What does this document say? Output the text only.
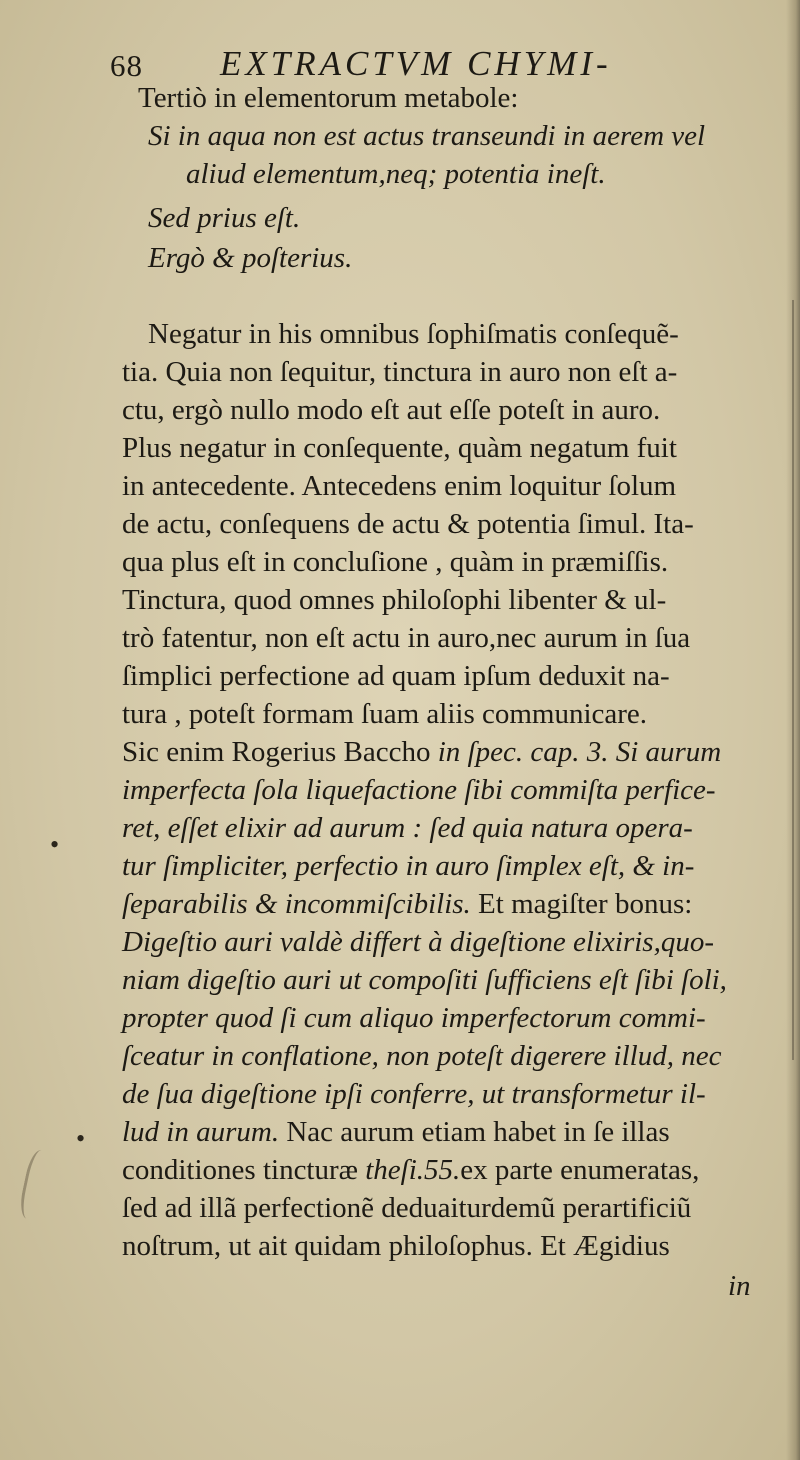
68 EXTRACTVM CHYMI-
Tertiò in elementorum metabole:
Si in aqua non est actus transeundi in aerem vel
aliud elementum,neq; potentia ineſt.
Sed prius eſt.
Ergò & poſterius.
Negatur in his omnibus ſophiſmatis conſequẽ-
tia. Quia non ſequitur, tinctura in auro non eſt a-
ctu, ergò nullo modo eſt aut eſſe poteſt in auro.
Plus negatur in conſequente, quàm negatum fuit
in antecedente. Antecedens enim loquitur ſolum
de actu, conſequens de actu & potentia ſimul. Ita-
qua plus eſt in concluſione , quàm in præmiſſis.
Tinctura, quod omnes philoſophi libenter & ul-
trò fatentur, non eſt actu in auro,nec aurum in ſua
ſimplici perfectione ad quam ipſum deduxit na-
tura , poteſt formam ſuam aliis communicare.
Sic enim Rogerius Baccho in ſpec. cap. 3. Si aurum
imperfecta ſola liquefactione ſibi commiſta perfice-
ret, eſſet elixir ad aurum : ſed quia natura opera-
tur ſimpliciter, perfectio in auro ſimplex eſt, & in-
ſeparabilis & incommiſcibilis. Et magiſter bonus:
Digeſtio auri valdè differt à digeſtione elixiris,quo-
niam digeſtio auri ut compoſiti ſufficiens eſt ſibi ſoli,
propter quod ſi cum aliquo imperfectorum commi-
ſceatur in conflatione, non poteſt digerere illud, nec
de ſua digeſtione ipſi conferre, ut transformetur il-
lud in aurum. Nac aurum etiam habet in ſe illas
conditiones tincturæ theſi.55.ex parte enumeratas,
ſed ad illã perfectionẽ deduaiturdemũ perartificiũ
noſtrum, ut ait quidam philoſophus. Et Ægidius
in
•
•
